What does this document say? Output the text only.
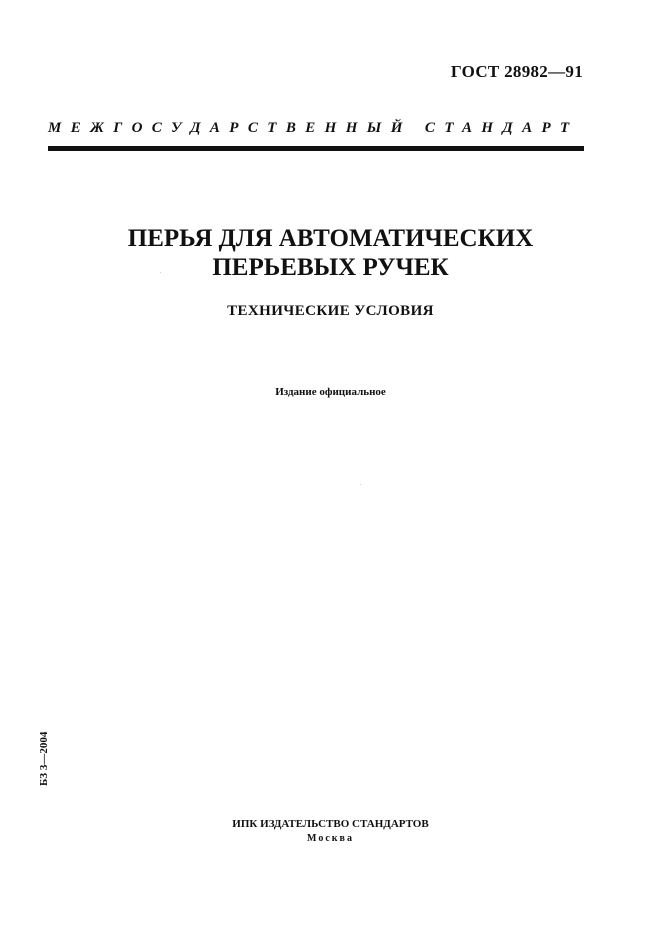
ГОСТ 28982—91
МЕЖГОСУДАРСТВЕННЫЙ СТАНДАРТ
ПЕРЬЯ ДЛЯ АВТОМАТИЧЕСКИХ
ПЕРЬЕВЫХ РУЧЕК
ТЕХНИЧЕСКИЕ УСЛОВИЯ
Издание официальное
БЗ 3—2004
ИПК ИЗДАТЕЛЬСТВО СТАНДАРТОВ
Москва
